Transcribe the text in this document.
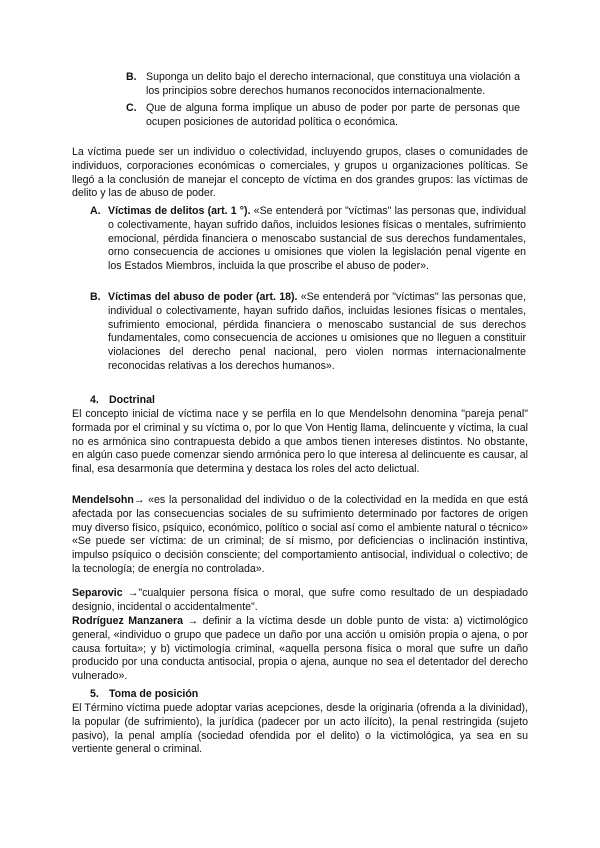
B. Suponga un delito bajo el derecho internacional, que constituya una violación a los principios sobre derechos humanos reconocidos internacionalmente.
C. Que de alguna forma implique un abuso de poder por parte de personas que ocupen posiciones de autoridad política o económica.
La víctima puede ser un individuo o colectividad, incluyendo grupos, clases o comunidades de individuos, corporaciones económicas o comerciales, y grupos u organizaciones políticas. Se llegó a la conclusión de manejar el concepto de víctima en dos grandes grupos: las víctimas de delito y las de abuso de poder.
A. Víctimas de delitos (art. 1 °). «Se entenderá por "víctimas" las personas que, individual o colectivamente, hayan sufrido daños, incluidos lesiones físicas o mentales, sufrimiento emocional, pérdida financiera o menoscabo sustancial de sus derechos fundamentales, orno consecuencia de acciones u omisiones que violen la legislación penal vigente en los Estados Miembros, incluida la que proscribe el abuso de poder».
B. Víctimas del abuso de poder (art. 18). «Se entenderá por "víctimas" las personas que, individual o colectivamente, hayan sufrido daños, incluidas lesiones físicas o mentales, sufrimiento emocional, pérdida financiera o menoscabo sustancial de sus derechos fundamentales, como consecuencia de acciones u omisiones que no lleguen a constituir violaciones del derecho penal nacional, pero violen normas internacionalmente reconocidas relativas a los derechos humanos».
4. Doctrinal
El concepto inicial de víctima nace y se perfila en lo que Mendelsohn denomina "pareja penal" formada por el criminal y su víctima o, por lo que Von Hentig llama, delincuente y víctima, la cual no es armónica sino contrapuesta debido a que ambos tienen intereses distintos. No obstante, en algún caso puede comenzar siendo armónica pero lo que interesa al delincuente es causar, al final, esa desarmonía que determina y destaca los roles del acto delictual.
Mendelsohn→ «es la personalidad del individuo o de la colectividad en la medida en que está afectada por las consecuencias sociales de su sufrimiento determinado por factores de origen muy diverso físico, psíquico, económico, político o social así como el ambiente natural o técnico» «Se puede ser víctima: de un criminal; de sí mismo, por deficiencias o inclinación instintiva, impulso psíquico o decisión consciente; del comportamiento antisocial, individual o colectivo; de la tecnología; de energía no controlada».
Separovic →"cualquier persona física o moral, que sufre como resultado de un despiadado designio, incidental o accidentalmente".
Rodríguez Manzanera → definir a la víctima desde un doble punto de vista: a) victimológico general, «individuo o grupo que padece un daño por una acción u omisión propia o ajena, o por causa fortuita»; y b) victimología criminal, «aquella persona física o moral que sufre un daño producido por una conducta antisocial, propia o ajena, aunque no sea el detentador del derecho vulnerado».
5. Toma de posición
El Término víctima puede adoptar varias acepciones, desde la originaria (ofrenda a la divinidad), la popular (de sufrimiento), la jurídica (padecer por un acto ilícito), la penal restringida (sujeto pasivo), la penal amplía (sociedad ofendida por el delito) o la victimológica, ya sea en su vertiente general o criminal.
